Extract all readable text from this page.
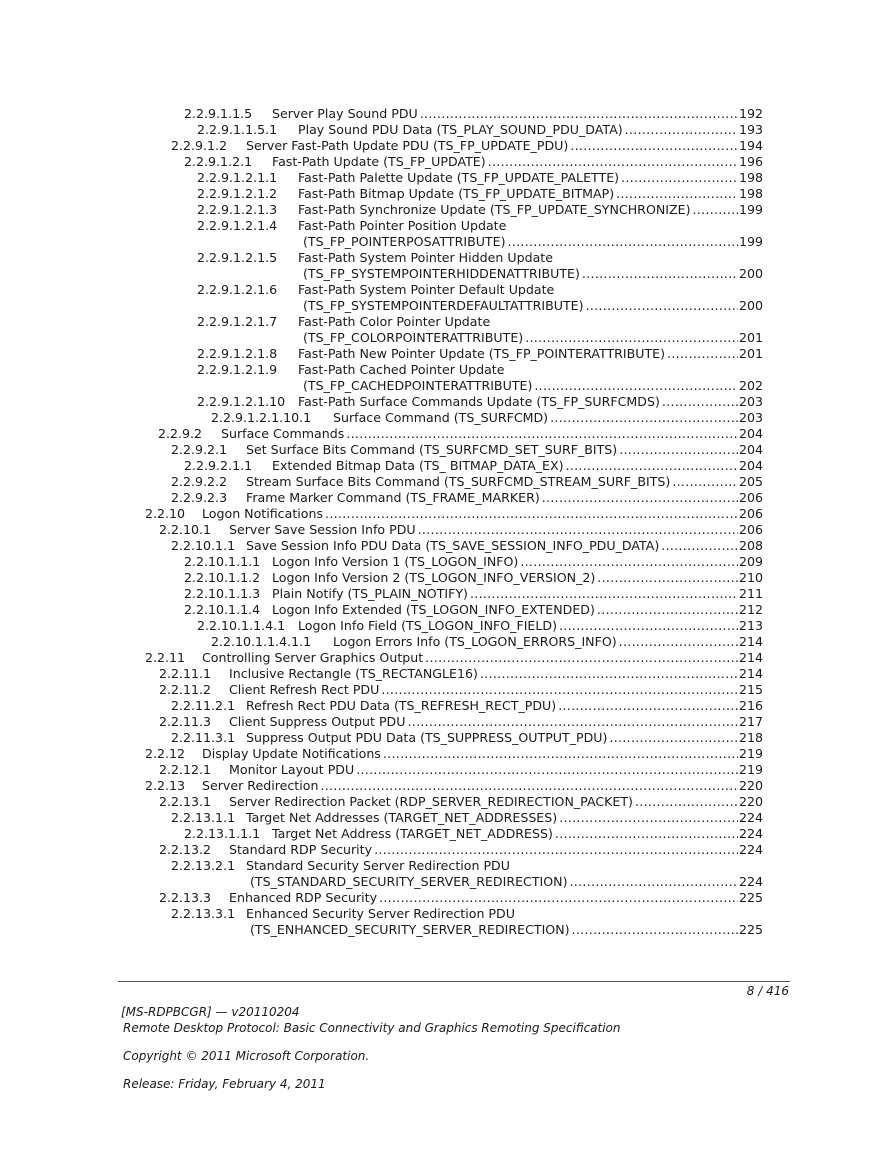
2.2.9.1.1.5 Server Play Sound PDU .....	192
2.2.9.1.1.5.1 Play Sound PDU Data (TS_PLAY_SOUND_PDU_DATA) .....	193
2.2.9.1.2 Server Fast-Path Update PDU (TS_FP_UPDATE_PDU) .....	194
2.2.9.1.2.1 Fast-Path Update (TS_FP_UPDATE) .....	196
2.2.9.1.2.1.1 Fast-Path Palette Update (TS_FP_UPDATE_PALETTE) .....	198
2.2.9.1.2.1.2 Fast-Path Bitmap Update (TS_FP_UPDATE_BITMAP) .....	198
2.2.9.1.2.1.3 Fast-Path Synchronize Update (TS_FP_UPDATE_SYNCHRONIZE) .....	199
2.2.9.1.2.1.4 Fast-Path Pointer Position Update
(TS_FP_POINTERPOSATTRIBUTE) .....	199
2.2.9.1.2.1.5 Fast-Path System Pointer Hidden Update
(TS_FP_SYSTEMPOINTERHIDDENATTRIBUTE) .....	200
2.2.9.1.2.1.6 Fast-Path System Pointer Default Update
(TS_FP_SYSTEMPOINTERDEFAULTATTRIBUTE) .....	200
2.2.9.1.2.1.7 Fast-Path Color Pointer Update
(TS_FP_COLORPOINTERATTRIBUTE) .....	201
2.2.9.1.2.1.8 Fast-Path New Pointer Update (TS_FP_POINTERATTRIBUTE) .....	201
2.2.9.1.2.1.9 Fast-Path Cached Pointer Update
(TS_FP_CACHEDPOINTERATTRIBUTE) .....	202
2.2.9.1.2.1.10 Fast-Path Surface Commands Update (TS_FP_SURFCMDS) .....	203
2.2.9.1.2.1.10.1 Surface Command (TS_SURFCMD) .....	203
2.2.9.2 Surface Commands .....	204
2.2.9.2.1 Set Surface Bits Command (TS_SURFCMD_SET_SURF_BITS) .....	204
2.2.9.2.1.1 Extended Bitmap Data (TS_ BITMAP_DATA_EX) .....	204
2.2.9.2.2 Stream Surface Bits Command (TS_SURFCMD_STREAM_SURF_BITS) .....	205
2.2.9.2.3 Frame Marker Command (TS_FRAME_MARKER) .....	206
2.2.10 Logon Notifications .....	206
2.2.10.1 Server Save Session Info PDU .....	206
2.2.10.1.1 Save Session Info PDU Data (TS_SAVE_SESSION_INFO_PDU_DATA) .....	208
2.2.10.1.1.1 Logon Info Version 1 (TS_LOGON_INFO) .....	209
2.2.10.1.1.2 Logon Info Version 2 (TS_LOGON_INFO_VERSION_2) .....	210
2.2.10.1.1.3 Plain Notify (TS_PLAIN_NOTIFY) .....	211
2.2.10.1.1.4 Logon Info Extended (TS_LOGON_INFO_EXTENDED) .....	212
2.2.10.1.1.4.1 Logon Info Field (TS_LOGON_INFO_FIELD) .....	213
2.2.10.1.1.4.1.1 Logon Errors Info (TS_LOGON_ERRORS_INFO) .....	214
2.2.11 Controlling Server Graphics Output .....	214
2.2.11.1 Inclusive Rectangle (TS_RECTANGLE16) .....	214
2.2.11.2 Client Refresh Rect PDU .....	215
2.2.11.2.1 Refresh Rect PDU Data (TS_REFRESH_RECT_PDU) .....	216
2.2.11.3 Client Suppress Output PDU .....	217
2.2.11.3.1 Suppress Output PDU Data (TS_SUPPRESS_OUTPUT_PDU) .....	218
2.2.12 Display Update Notifications .....	219
2.2.12.1 Monitor Layout PDU .....	219
2.2.13 Server Redirection .....	220
2.2.13.1 Server Redirection Packet (RDP_SERVER_REDIRECTION_PACKET) .....	220
2.2.13.1.1 Target Net Addresses (TARGET_NET_ADDRESSES) .....	224
2.2.13.1.1.1 Target Net Address (TARGET_NET_ADDRESS) .....	224
2.2.13.2 Standard RDP Security .....	224
2.2.13.2.1 Standard Security Server Redirection PDU
(TS_STANDARD_SECURITY_SERVER_REDIRECTION) .....	224
2.2.13.3 Enhanced RDP Security .....	225
2.2.13.3.1 Enhanced Security Server Redirection PDU
(TS_ENHANCED_SECURITY_SERVER_REDIRECTION) .....	225
8 / 416
[MS-RDPBCGR] — v20110204
Remote Desktop Protocol: Basic Connectivity and Graphics Remoting Specification
Copyright © 2011 Microsoft Corporation.
Release: Friday, February 4, 2011
